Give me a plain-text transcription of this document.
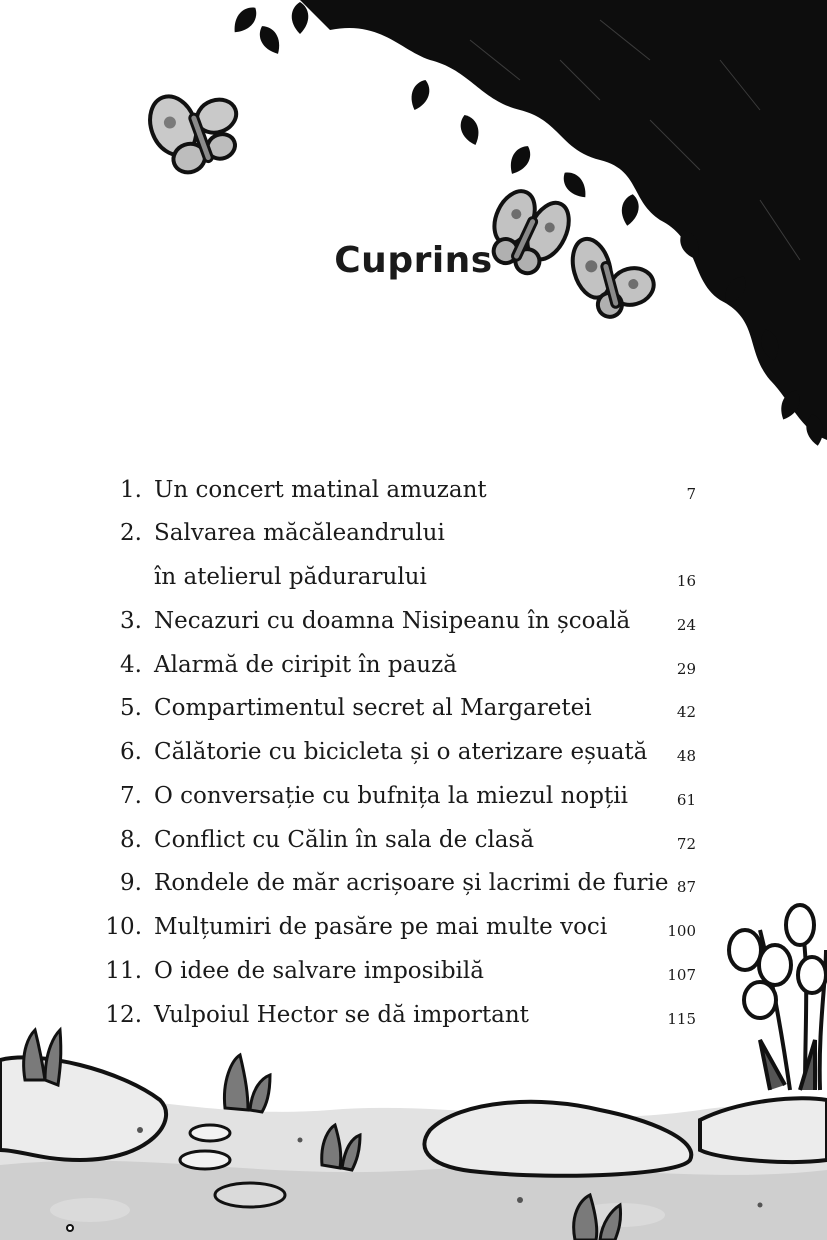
Cuprins
1. Un concert matinal amuzant	7
2. Salvarea măcăleandrului
în atelierul pădurarului	16
3. Necazuri cu doamna Nisipeanu în școală	24
4. Alarmă de ciripit în pauză	29
5. Compartimentul secret al Margaretei	42
6. Călătorie cu bicicleta și o aterizare eșuată 48
7. O conversație cu bufnița la miezul nopții	61
8. Conflict cu Călin în sala de clasă	72
9. Rondele de măr acrișoare și lacrimi de furie 87
10. Mulțumiri de pasăre pe mai multe voci	100
11. O idee de salvare imposibilă	107
12. Vulpoiul Hector se dă important	115
